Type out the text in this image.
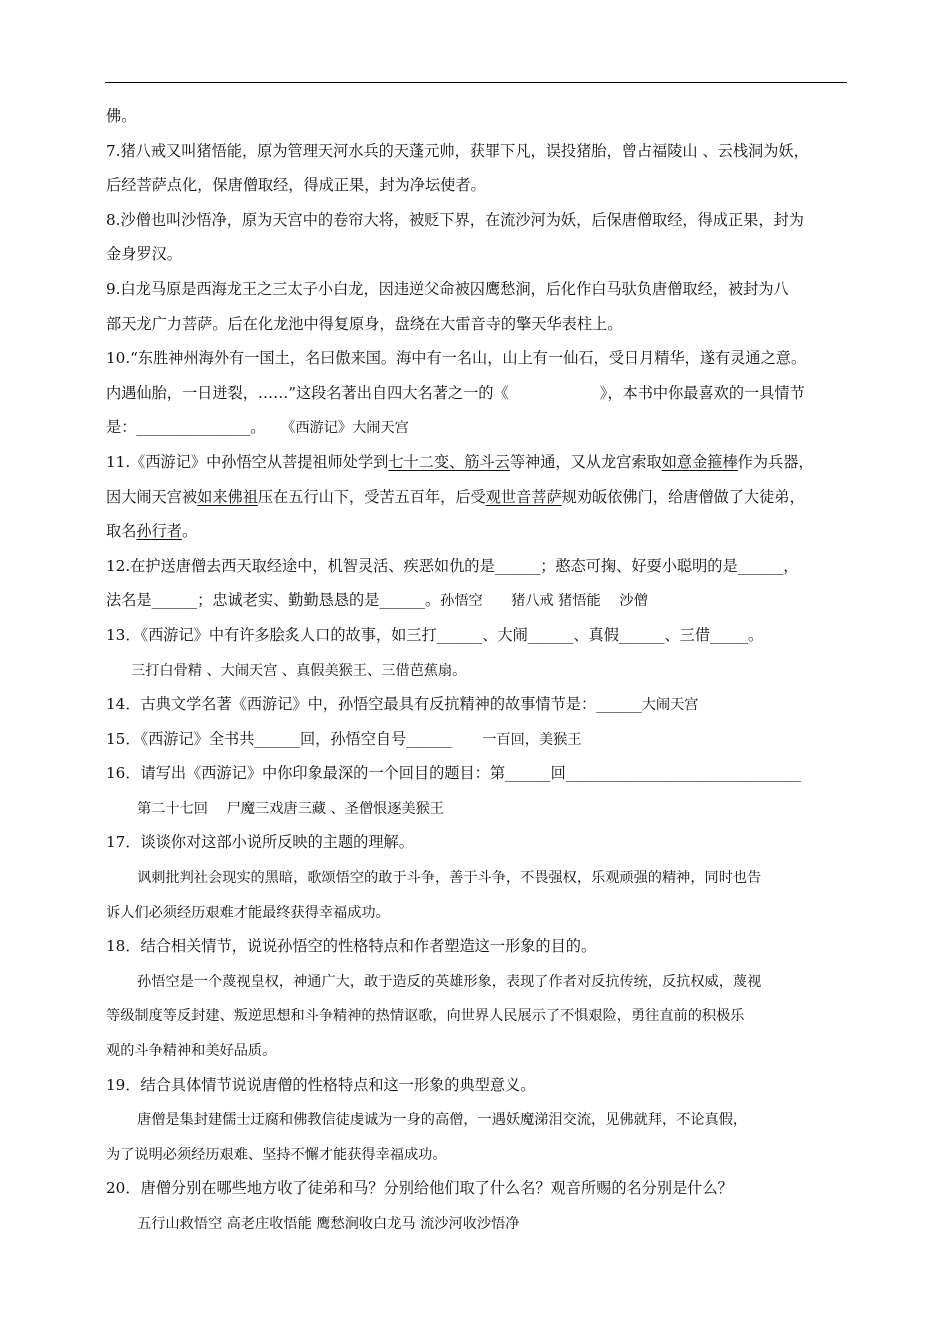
佛。
7.猪八戒又叫猪悟能，原为管理天河水兵的天蓬元帅，获罪下凡，误投猪胎，曾占福陵山 、云栈洞为妖，
后经菩萨点化，保唐僧取经，得成正果，封为净坛使者。
8.沙僧也叫沙悟净，原为天宫中的卷帘大将，被贬下界，在流沙河为妖，后保唐僧取经，得成正果，封为
金身罗汉。
9.白龙马原是西海龙王之三太子小白龙，因违逆父命被囚鹰愁涧，后化作白马驮负唐僧取经，被封为八
部天龙广力菩萨。后在化龙池中得复原身，盘绕在大雷音寺的擎天华表柱上。
10.“东胜神州海外有一国土，名曰傲来国。海中有一名山，山上有一仙石，受日月精华，遂有灵通之意。
内遇仙胎，一日迸裂，……”这段名著出自四大名著之一的《　　　　　　》，本书中你最喜欢的一具情节
是：_______________。　　《西游记》大闹天宫
11.《西游记》中孙悟空从菩提祖师处学到七十二变、筋斗云等神通，又从龙宫索取如意金箍棒作为兵器，
因大闹天宫被如来佛祖压在五行山下，受苦五百年，后受观世音菩萨规劝皈依佛门，给唐僧做了大徒弟，
取名孙行者。
12.在护送唐僧去西天取经途中，机智灵活、疾恶如仇的是______；憨态可掬、好耍小聪明的是______，
法名是______；忠诚老实、勤勤恳恳的是______。孙悟空　　猪八戒 猪悟能　 沙僧
13．《西游记》中有许多脍炙人口的故事，如三打______、大闹______、真假______、三借_____。
三打白骨精 、大闹天宫 、真假美猴王、三借芭蕉扇。
14．古典文学名著《西游记》中，孙悟空最具有反抗精神的故事情节是：______大闹天宫
15．《西游记》全书共______回，孙悟空自号______　　一百回，美猴王
16．请写出《西游记》中你印象最深的一个回目的题目：第______回_______________________________
第二十七回　 尸魔三戏唐三藏 、圣僧恨逐美猴王
17．谈谈你对这部小说所反映的主题的理解。
讽刺批判社会现实的黑暗，歌颂悟空的敢于斗争，善于斗争，不畏强权，乐观顽强的精神，同时也告
诉人们必须经历艰难才能最终获得幸福成功。
18．结合相关情节，说说孙悟空的性格特点和作者塑造这一形象的目的。
孙悟空是一个蔑视皇权，神通广大，敢于造反的英雄形象，表现了作者对反抗传统，反抗权威，蔑视
等级制度等反封建、叛逆思想和斗争精神的热情讴歌，向世界人民展示了不惧艰险，勇往直前的积极乐
观的斗争精神和美好品质。
19．结合具体情节说说唐僧的性格特点和这一形象的典型意义。
唐僧是集封建儒士迂腐和佛教信徒虔诚为一身的高僧，一遇妖魔涕泪交流，见佛就拜，不论真假，
为了说明必须经历艰难、坚持不懈才能获得幸福成功。
20．唐僧分别在哪些地方收了徒弟和马？分别给他们取了什么名？观音所赐的名分别是什么？
五行山救悟空 高老庄收悟能 鹰愁涧收白龙马 流沙河收沙悟净
